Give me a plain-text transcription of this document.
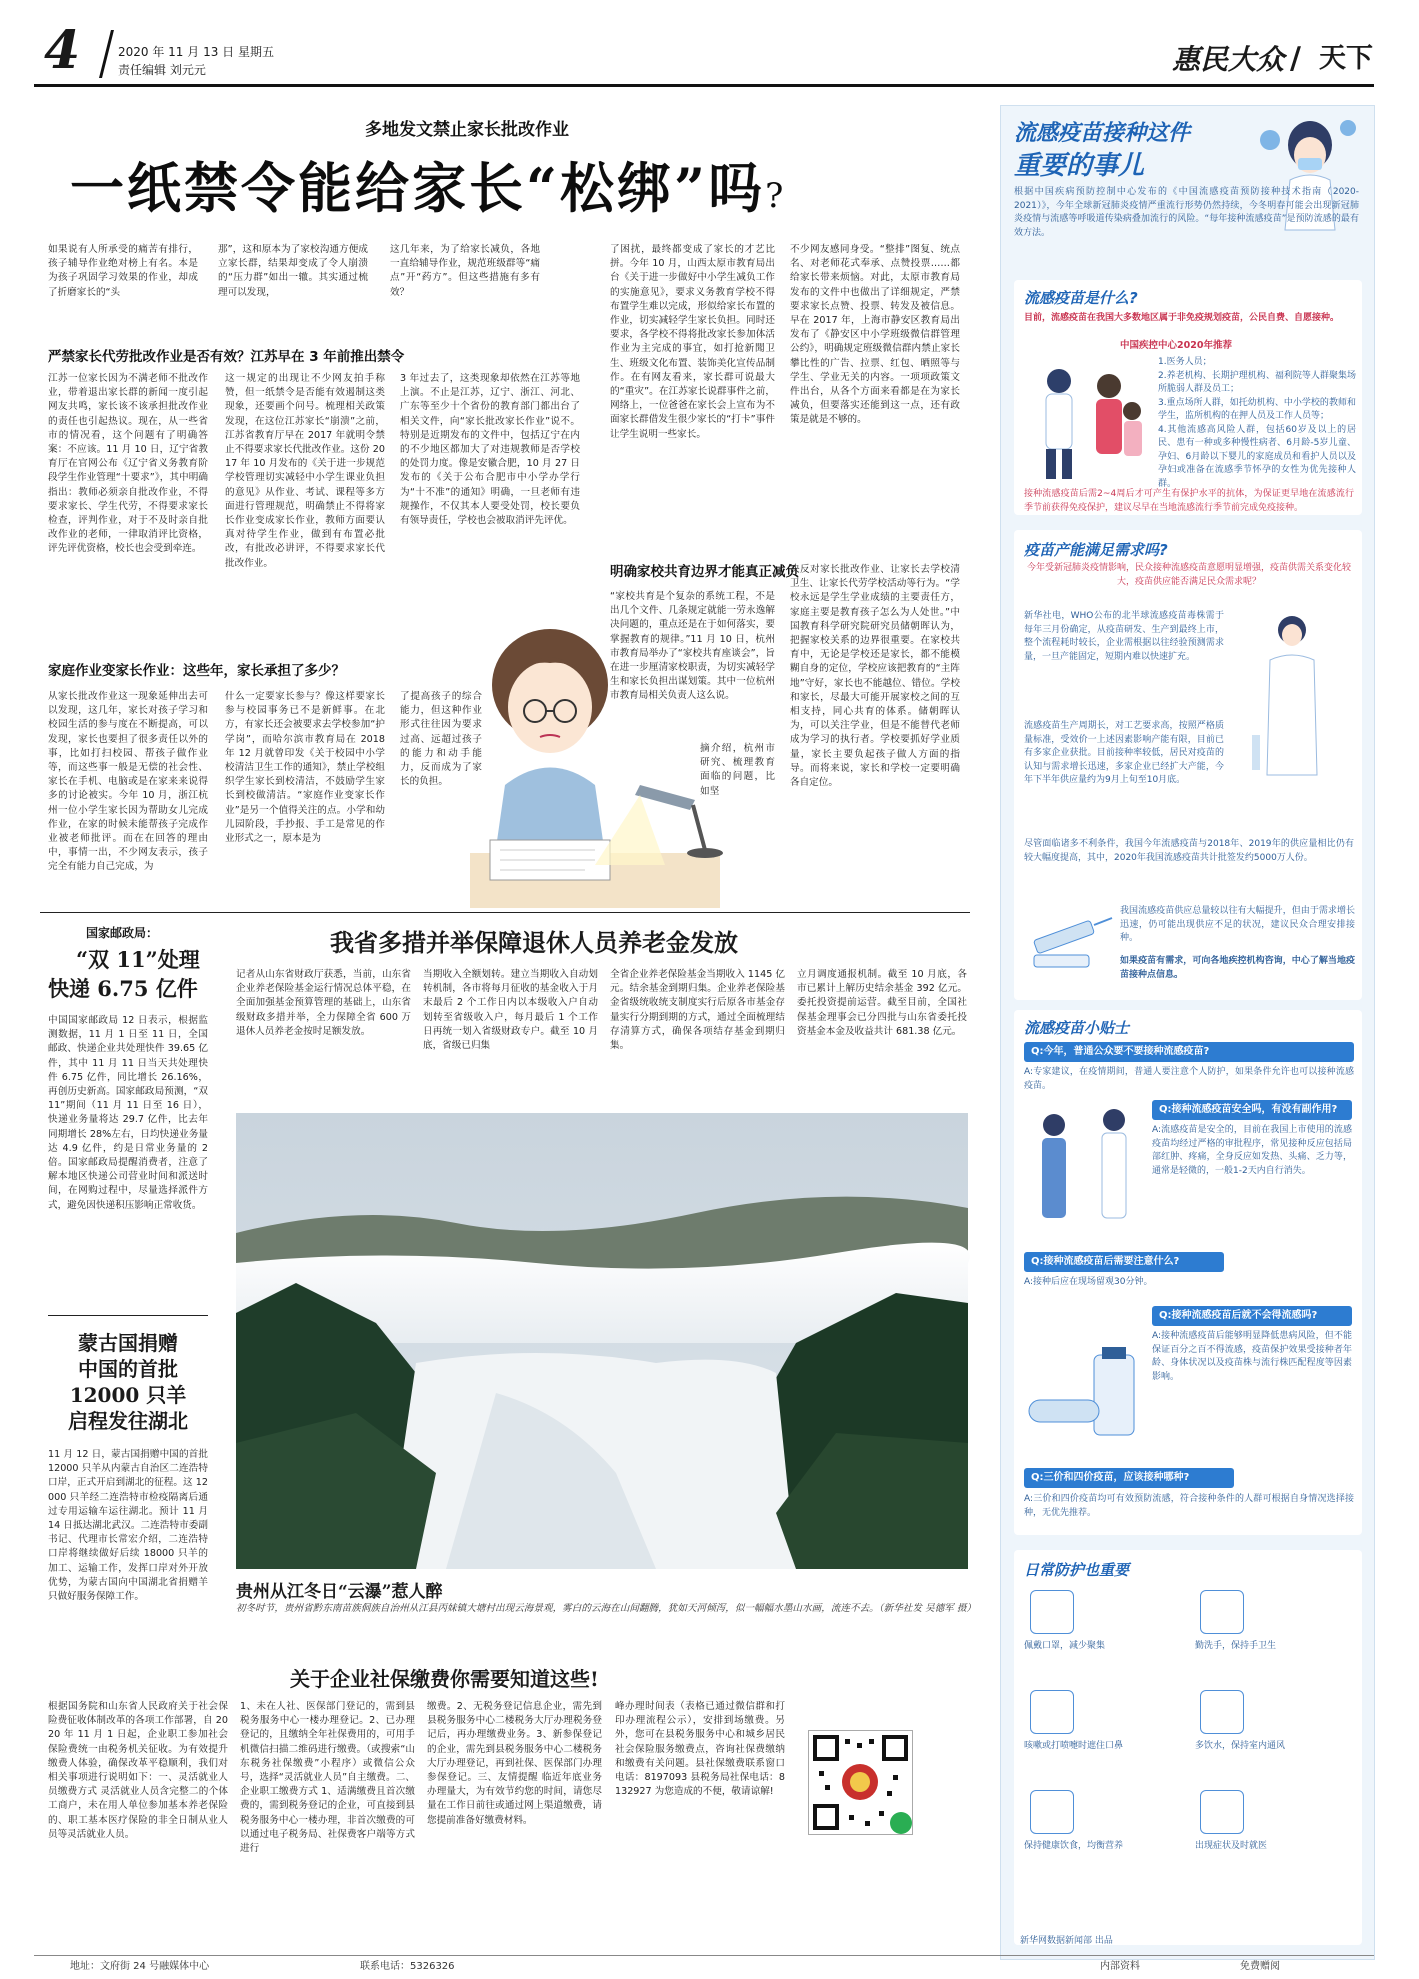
4	2020 年 11 月 13 日 星期五
责任编辑 刘元元	惠民大众 / 天下
多地发文禁止家长批改作业
一纸禁令能给家长“松绑”吗?
如果说有人所承受的痛苦有排行，孩子辅导作业绝对榜上有名。本是为孩子巩固学习效果的作业，却成了折磨家长的“头
那”，这和原本为了家校沟通方便成立家长群，结果却变成了令人崩溃的“压力群”如出一辙。其实通过梳理可以发现，
这几年来，为了给家长减负，各地一直给辅导作业，规范班级群等“痛点”开“药方”。但这些措施有多有效？
了困扰，最终都变成了家长的才艺比拼。今年 10 月，山西太原市教育局出台《关于进一步做好中小学生减负工作的实施意见》，要求义务教育学校不得布置学生难以完成，形似给家长布置的作业，切实减轻学生家长负担。同时还要求，各学校不得将批改家长参加体活作业为主完成的事宜，如打抢新聞卫生、班级文化布置、装饰美化宣传品制作。在有网友看来，家长群可说最大的“重灾”。在江苏家长说群事件之前，网络上，一位爸爸在家长会上宣布为不面家长群借发生很少家长的“打卡”事件让学生说明一些家长。
不少网友感同身受。“整排”图复、统点名、对老师花式奉承、点赞投票……都给家长带来烦恼。对此，太原市教育局发布的文件中也做出了详细规定，严禁要求家长点赞、投票、转发及被信息。早在 2017 年，上海市静安区教育局出发布了《静安区中小学班级微信群管理公约》，明确规定班级微信群内禁止家长攀比性的广告、拉票、红包、晒照等与学生、学业无关的内容。一项项政策文件出台，从各个方面来看都是在为家长减负，但要落实还能到这一点，还有政策是就是不够的。
严禁家长代劳批改作业是否有效？江苏早在 3 年前推出禁令
江苏一位家长因为不满老师不批改作业，带着退出家长群的新闻一度引起网友共鸣，家长该不该承担批改作业的责任也引起热议。现在，从一些省市的情况看，这个问题有了明确答案：不应该。11 月 10 日，辽宁省教育厅在官网公布《辽宁省义务教育阶段学生作业管理“十要求”》，其中明确指出：教师必须亲自批改作业，不得要求家长、学生代劳，不得要求家长检查，评判作业，对于不及时亲自批改作业的老师，一律取消评比资格，评先评优资格，校长也会受到牵连。
这一规定的出现让不少网友拍手称赞，但一纸禁令是否能有效遏制这类现象，还要画个问号。梳理相关政策发现，在这位江苏家长“崩溃”之前，江苏省教育厅早在 2017 年就明令禁止不得要求家长代批改作业。这份 2017 年 10 月发布的《关于进一步规范学校管理切实减轻中小学生课业负担的意见》从作业、考试、课程等多方面进行管理规范，明确禁止不得将家长作业变成家长作业，教师方面要认真对待学生作业，做到有布置必批改，有批改必讲评，不得要求家长代批改作业。
3 年过去了，这类现象却依然在江苏等地上演。不止是江苏，辽宁、浙江、河北、广东等至少十个省份的教育部门都出台了相关文件，向“家长批改家长作业”说不。特别是近期发布的文件中，包括辽宁在内的不少地区都加大了对违规教师是否学校的处罚力度。像是安徽合肥，10 月 27 日发布的《关于公布合肥市中小学办学行为“十不准”的通知》明确，一旦老师有违规操作，不仅其本人要受处罚，校长要负有领导责任，学校也会被取消评先评优。
家庭作业变家长作业：这些年，家长承担了多少？
从家长批改作业这一现象延伸出去可以发现，这几年，家长对孩子学习和校园生活的参与度在不断提高，可以发现，家长也要担了很多责任以外的事，比如打扫校园、帮孩子做作业等，而这些事一般是无偿的社会性、家长在手机、电脑或是在家来来说得多的讨论被实。今年 10 月，浙江杭州一位小学生家长因为帮助女儿完成作业，在家的时候未能帮孩子完成作业被老师批评。而在在回答的理由中，事情一出，不少网友表示，孩子完全有能力自己完成，为
什么一定要家长参与？像这样要家长参与校园事务已不是新鲜事。在北方，有家长还会被要求去学校参加“护学岗”，而哈尔滨市教育局在 2018 年 12 月就曾印发《关于校园中小学校清洁卫生工作的通知》，禁止学校组织学生家长到校清洁，不鼓励学生家长到校做清洁。“家庭作业变家长作业”是另一个值得关注的点。小学和幼儿园阶段，手抄报、手工是常见的作业形式之一，原本是为
了提高孩子的综合能力，但这种作业形式往往因为要求过高、远超过孩子的能力和动手能力，反而成为了家长的负担。
明确家校共育边界才能真正减负
“家校共育是个复杂的系统工程，不是出几个文件、几条规定就能一劳永逸解决问题的，重点还是在于如何落实，要掌握教育的规律。”11 月 10 日，杭州市教育局举办了“家校共育座谈会”，旨在进一步厘清家校职责，为切实减轻学生和家长负担出谋划策。其中一位杭州市教育局相关负责人这么说。
摘介绍，杭州市研究、梳理教育面临的问题，比如坚
决反对家长批改作业、让家长去学校清卫生、让家长代劳学校活动等行为。“学校永远是学生学业成绩的主要责任方，家庭主要是教育孩子怎么为人处世。”中国教育科学研究院研究员储朝晖认为，把握家校关系的边界很重要。在家校共育中，无论是学校还是家长，都不能模糊自身的定位，学校应该把教育的“主阵地”守好，家长也不能越位、错位。学校和家长，尽最大可能开展家校之间的互相支持，同心共育的体系。储朝晖认为，可以关注学业，但是不能替代老师成为学习的执行者。学校要抓好学业质量，家长主要负起孩子做人方面的指导。而将来说，家长和学校一定要明确各自定位。
国家邮政局：
“双 11”处理
快递 6.75 亿件
中国国家邮政局 12 日表示，根据监测数据，11 月 1 日至 11 日，全国邮政、快递企业共处理快件 39.65 亿件，其中 11 月 11 日当天共处理快件 6.75 亿件，同比增长 26.16%，再创历史新高。国家邮政局预测，“双 11”期间（11 月 11 日至 16 日），快递业务量将达 29.7 亿件，比去年同期增长 28%左右，日均快递业务量达 4.9 亿件，约是日常业务量的 2 倍。国家邮政局提醒消费者，注意了解本地区快递公司营业时间和派送时间，在网购过程中，尽量选择派件方式，避免因快递积压影响正常收货。
蒙古国捐赠
中国的首批
12000 只羊
启程发往湖北
11 月 12 日，蒙古国捐赠中国的首批 12000 只羊从内蒙古自治区二连浩特口岸，正式开启到湖北的征程。这 12000 只羊经二连浩特市检疫隔离后通过专用运输车运往湖北。预计 11 月 14 日抵达湖北武汉。二连浩特市委副书记、代理市长常宏介绍，二连浩特口岸将继续做好后续 18000 只羊的加工、运输工作，发挥口岸对外开放优势，为蒙古国向中国湖北省捐赠羊只做好服务保障工作。
我省多措并举保障退休人员养老金发放
记者从山东省财政厅获悉，当前，山东省企业养老保险基金运行情况总体平稳，在全面加强基金预算管理的基础上，山东省级财政多措并举，全力保障全省 600 万退休人员养老金按时足额发放。
当期收入全额划转。建立当期收入自动划转机制，各市将每月征收的基金收入于月末最后 2 个工作日内以本级收入户自动划转至省级收入户，每月最后 1 个工作日再统一划入省级财政专户。截至 10 月底，省级已归集
全省企业养老保险基金当期收入 1145 亿元。结余基金到期归集。企业养老保险基金省级统收统支制度实行后原各市基金存量实行分期到期的方式，通过全面梳理结存清算方式，确保各项结存基金到期归集。
立月调度通报机制。截至 10 月底，各市已累计上解历史结余基金 392 亿元。委托投资提前运营。截至目前，全国社保基金理事会已分四批与山东省委托投资基金本金及收益共计 681.38 亿元。
贵州从江冬日“云瀑”惹人醉
初冬时节，贵州省黔东南苗族侗族自治州从江县丙妹镇大塘村出现云海景观，雾白的云海在山间翻腾，犹如天河倾泻，似一幅幅水墨山水画，流连不去。（新华社发 吴德军 摄）
关于企业社保缴费你需要知道这些!
根据国务院和山东省人民政府关于社会保险费征收体制改革的各项工作部署，自 2020 年 11 月 1 日起，企业职工参加社会保险费统一由税务机关征收。为有效提升缴费人体验，确保改革平稳顺利，我们对相关事项进行说明如下：一、灵活就业人员缴费方式 灵活就业人员含完整二的个体工商户，未在用人单位参加基本养老保险的、职工基本医疗保险的非全日制从业人员等灵活就业人员。
1、未在人社、医保部门登记的，需到县税务服务中心一楼办理登记。2、已办理登记的，且缴纳全年社保费用的，可用手机微信扫描二维码进行缴费。（或搜索“山东税务社保缴费”小程序）或微信公众号，选择“灵活就业人员”自主缴费。二、企业职工缴费方式 1、适满缴费且首次缴费的，需到税务登记的企业，可直接到县税务服务中心一楼办理，非首次缴费的可以通过电子税务局、社保费客户端等方式进行
缴费。2、无税务登记信息企业，需先到县税务服务中心二楼税务大厅办理税务登记后，再办理缴费业务。3、新参保登记的企业，需先到县税务服务中心二楼税务大厅办理登记，再到社保、医保部门办理参保登记。三、友情提醒 临近年底业务办理量大，为有效节约您的时间，请您尽量在工作日前往或通过网上渠道缴费，请您提前准备好缴费材料。
峰办理时间表（表格已通过微信群和打印办理流程公示），安排到场缴费。另外，您可在县税务服务中心和城乡居民社会保险服务缴费点，咨询社保费缴纳和缴费有关问题。县社保缴费联系窗口电话：8197093 县税务局社保电话：8132927 为您造成的不便，敬请谅解!
流感疫苗接种这件
重要的事儿
根据中国疾病预防控制中心发布的《中国流感疫苗预防接种技术指南（2020-2021）》，今年全球新冠肺炎疫情严重流行形势仍然持续，今冬明春可能会出现新冠肺炎疫情与流感等呼吸道传染病叠加流行的风险。“每年接种流感疫苗”是预防流感的最有效方法。
流感疫苗是什么?
目前，流感疫苗在我国大多数地区属于非免疫规划疫苗，公民自费、自愿接种。
中国疾控中心2020年推荐
1.医务人员；
2.养老机构、长期护理机构、福利院等人群聚集场所脆弱人群及员工；
3.重点场所人群，如托幼机构、中小学校的教师和学生，监所机构的在押人员及工作人员等；
4.其他流感高风险人群，包括60岁及以上的居民、患有一种或多种慢性病者、6月龄-5岁儿童、孕妇、6月龄以下婴儿的家庭成员和看护人员以及孕妇或准备在流感季节怀孕的女性为优先接种人群。
接种流感疫苗后需2~4周后才可产生有保护水平的抗体，为保证更早地在流感流行季节前获得免疫保护，建议尽早在当地流感流行季节前完成免疫接种。
疫苗产能满足需求吗?
今年受新冠肺炎疫情影响，民众接种流感疫苗意愿明显增强，疫苗供需关系变化较大，疫苗供应能否满足民众需求呢？
新华社电，WHO公布的北半球流感疫苗毒株需于每年三月份确定，从疫苗研发、生产到最终上市，整个流程耗时较长，企业需根据以往经验预测需求量，一旦产能固定，短期内难以快速扩充。
流感疫苗生产周期长，对工艺要求高，按照严格质量标准，受效价一上述因素影响产能有限，目前已有多家企业获批。目前接种率较低，居民对疫苗的认知与需求增长迅速，多家企业已经扩大产能，今年下半年供应量约为9月上旬至10月底。
尽管面临诸多不利条件，我国今年流感疫苗与2018年、2019年的供应量相比仍有较大幅度提高，其中，2020年我国流感疫苗共计批签发约5000万人份。
我国流感疫苗供应总量较以往有大幅提升，但由于需求增长迅速，仍可能出现供应不足的状况，建议民众合理安排接种。
如果疫苗有需求，可向各地疾控机构咨询，中心了解当地疫苗接种点信息。
流感疫苗小贴士
Q:今年，普通公众要不要接种流感疫苗?
A:专家建议，在疫情期间，普通人要注意个人防护，如果条件允许也可以接种流感疫苗。
Q:接种流感疫苗安全吗，有没有副作用?
A:流感疫苗是安全的，目前在我国上市使用的流感疫苗均经过严格的审批程序，常见接种反应包括局部红肿、疼痛，全身反应如发热、头痛、乏力等，通常是轻微的，一般1-2天内自行消失。
Q:接种流感疫苗后需要注意什么?
A:接种后应在现场留观30分钟。
Q:接种流感疫苗后就不会得流感吗?
A:接种流感疫苗后能够明显降低患病风险，但不能保证百分之百不得流感，疫苗保护效果受接种者年龄、身体状况以及疫苗株与流行株匹配程度等因素影响。
Q:三价和四价疫苗，应该接种哪种?
A:三价和四价疫苗均可有效预防流感，符合接种条件的人群可根据自身情况选择接种，无优先推荐。
日常防护也重要
佩戴口罩，减少聚集	勤洗手，保持手卫生
咳嗽或打喷嚏时遮住口鼻	多饮水，保持室内通风
保持健康饮食，均衡营养	出现症状及时就医
新华网数据新闻部 出品
地址：文府街 24 号融媒体中心	联系电话：5326326	内部资料	免费赠阅
